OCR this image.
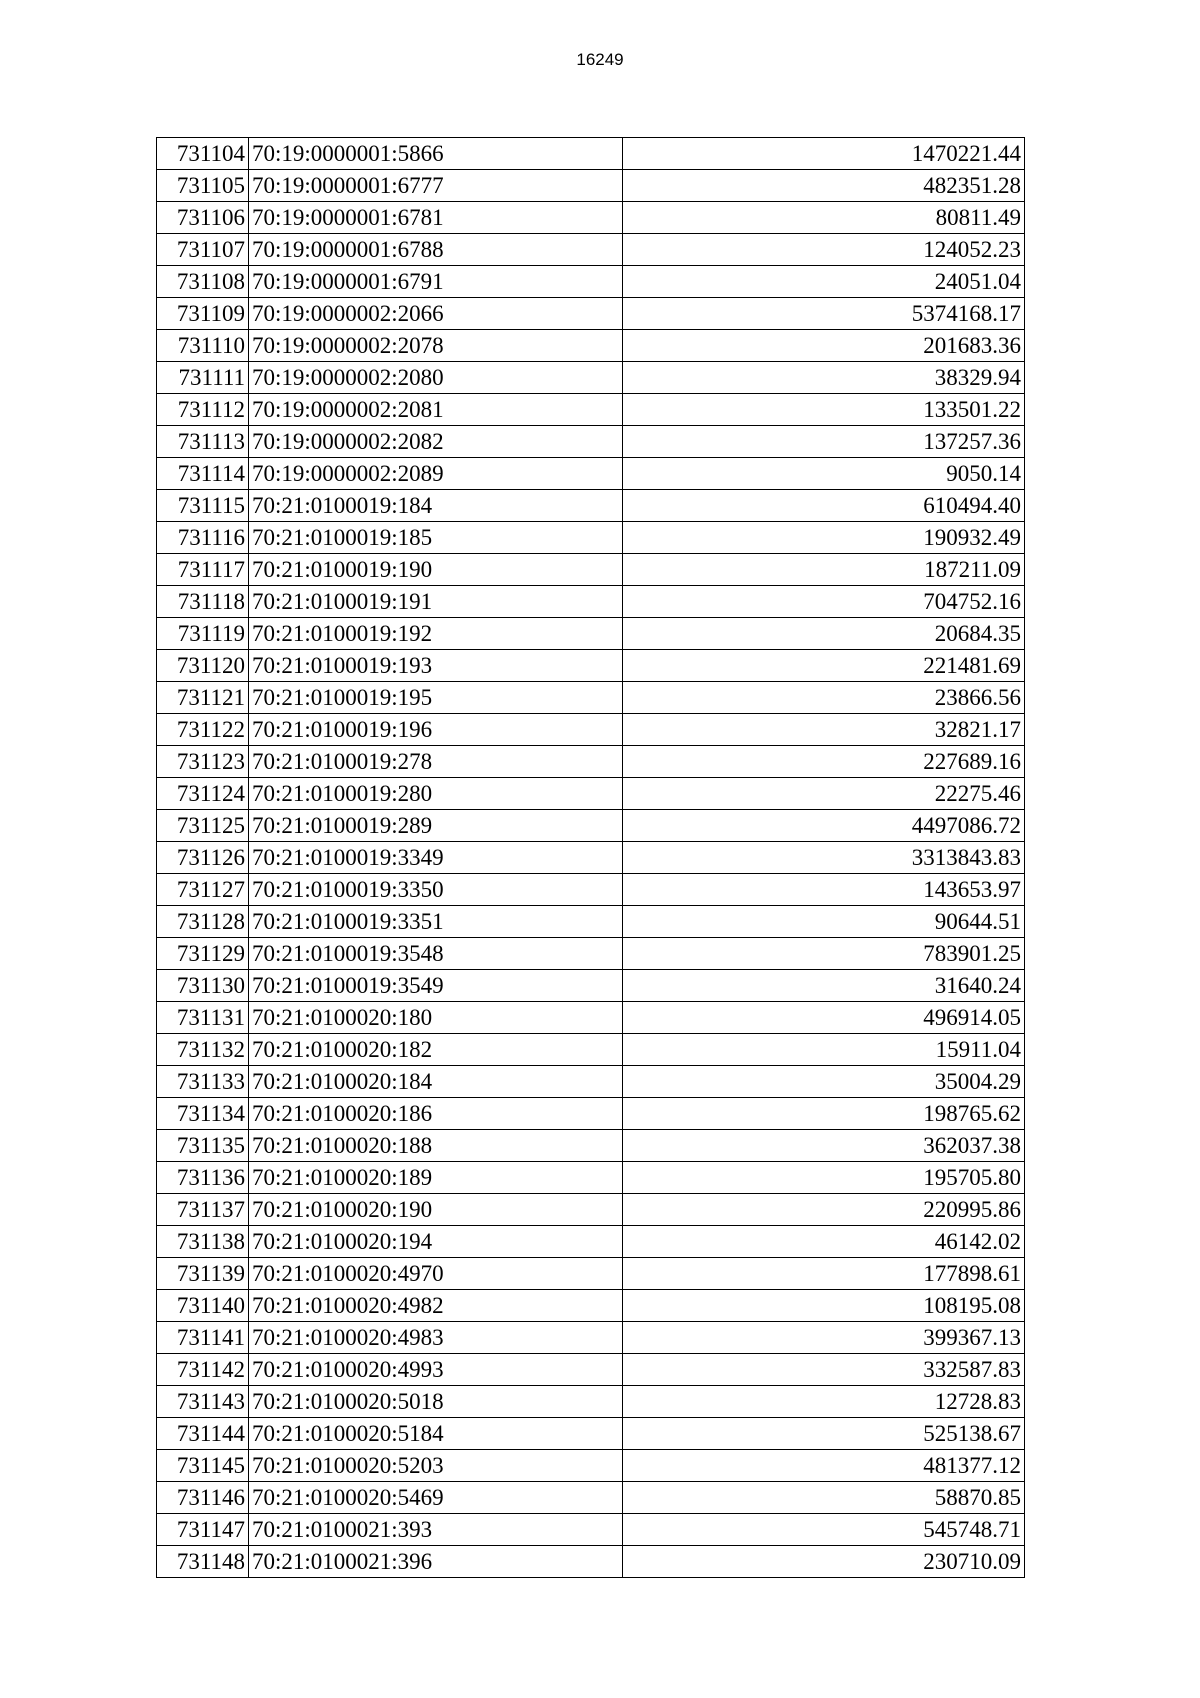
16249
731104	70:19:0000001:5866	1470221.44
731105	70:19:0000001:6777	482351.28
731106	70:19:0000001:6781	80811.49
731107	70:19:0000001:6788	124052.23
731108	70:19:0000001:6791	24051.04
731109	70:19:0000002:2066	5374168.17
731110	70:19:0000002:2078	201683.36
731111	70:19:0000002:2080	38329.94
731112	70:19:0000002:2081	133501.22
731113	70:19:0000002:2082	137257.36
731114	70:19:0000002:2089	9050.14
731115	70:21:0100019:184	610494.40
731116	70:21:0100019:185	190932.49
731117	70:21:0100019:190	187211.09
731118	70:21:0100019:191	704752.16
731119	70:21:0100019:192	20684.35
731120	70:21:0100019:193	221481.69
731121	70:21:0100019:195	23866.56
731122	70:21:0100019:196	32821.17
731123	70:21:0100019:278	227689.16
731124	70:21:0100019:280	22275.46
731125	70:21:0100019:289	4497086.72
731126	70:21:0100019:3349	3313843.83
731127	70:21:0100019:3350	143653.97
731128	70:21:0100019:3351	90644.51
731129	70:21:0100019:3548	783901.25
731130	70:21:0100019:3549	31640.24
731131	70:21:0100020:180	496914.05
731132	70:21:0100020:182	15911.04
731133	70:21:0100020:184	35004.29
731134	70:21:0100020:186	198765.62
731135	70:21:0100020:188	362037.38
731136	70:21:0100020:189	195705.80
731137	70:21:0100020:190	220995.86
731138	70:21:0100020:194	46142.02
731139	70:21:0100020:4970	177898.61
731140	70:21:0100020:4982	108195.08
731141	70:21:0100020:4983	399367.13
731142	70:21:0100020:4993	332587.83
731143	70:21:0100020:5018	12728.83
731144	70:21:0100020:5184	525138.67
731145	70:21:0100020:5203	481377.12
731146	70:21:0100020:5469	58870.85
731147	70:21:0100021:393	545748.71
731148	70:21:0100021:396	230710.09
